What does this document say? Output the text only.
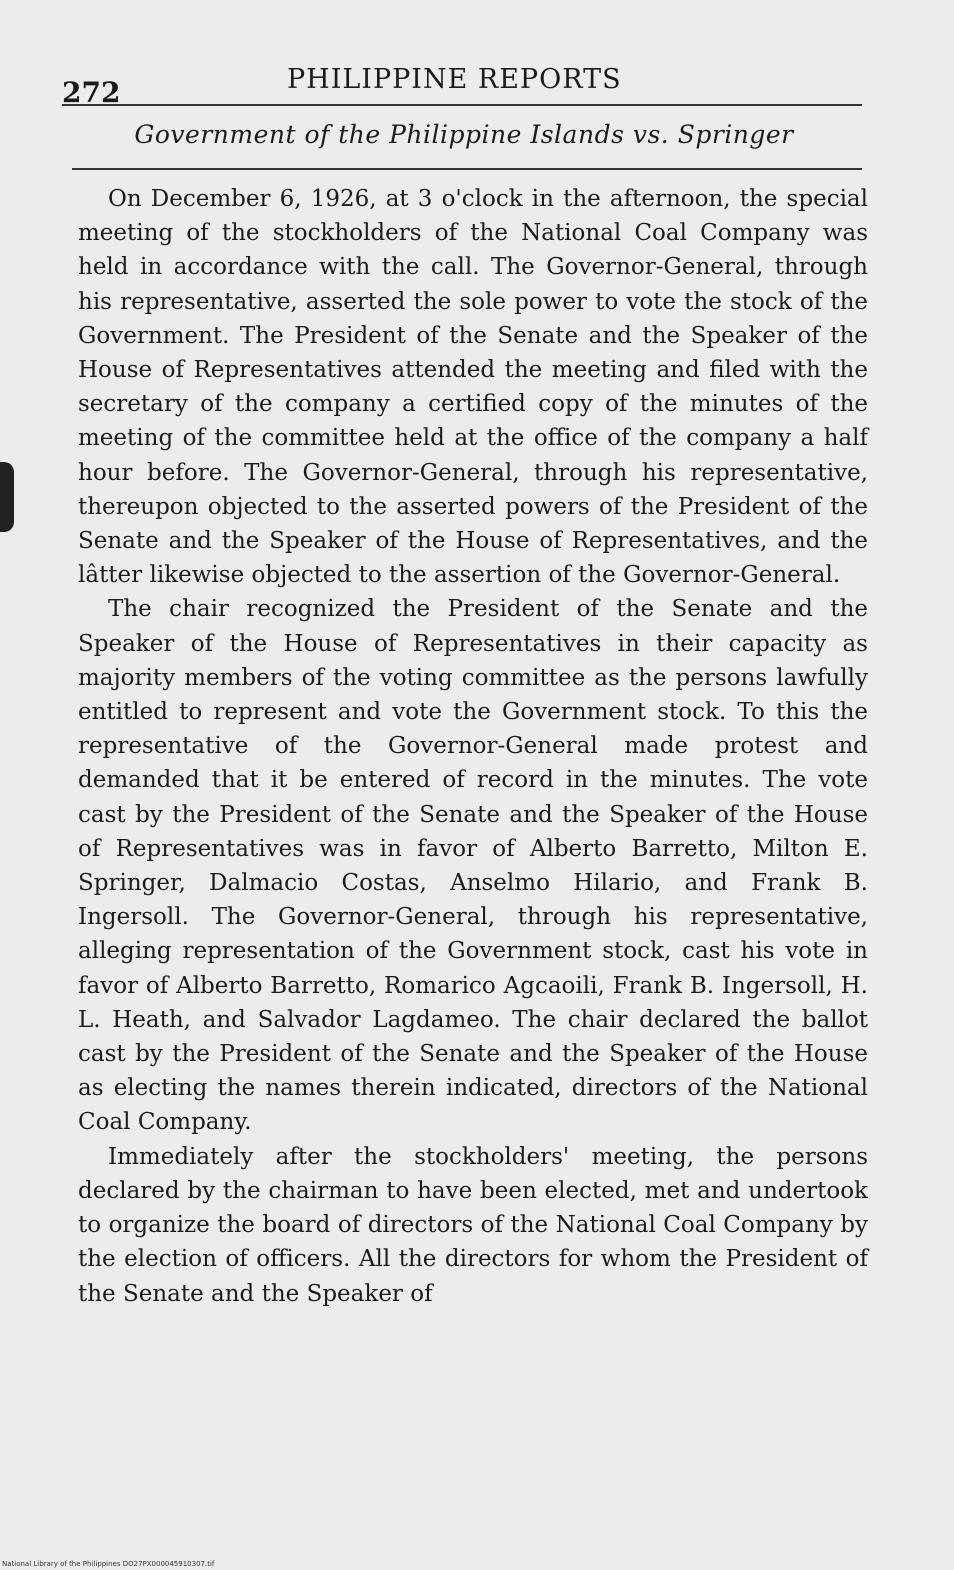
272	PHILIPPINE REPORTS
Government of the Philippine Islands vs. Springer

On December 6, 1926, at 3 o'clock in the afternoon, the special meeting of the stockholders of the National Coal Company was held in accordance with the call. The Governor-General, through his representative, asserted the sole power to vote the stock of the Government. The President of the Senate and the Speaker of the House of Representatives attended the meeting and filed with the secretary of the company a certified copy of the minutes of the meeting of the committee held at the office of the company a half hour before. The Governor-General, through his representative, thereupon objected to the asserted powers of the President of the Senate and the Speaker of the House of Representatives, and the lâtter likewise objected to the assertion of the Governor-General.

The chair recognized the President of the Senate and the Speaker of the House of Representatives in their capacity as majority members of the voting committee as the persons lawfully entitled to represent and vote the Government stock. To this the representative of the Governor-General made protest and demanded that it be entered of record in the minutes. The vote cast by the President of the Senate and the Speaker of the House of Representatives was in favor of Alberto Barretto, Milton E. Springer, Dalmacio Costas, Anselmo Hilario, and Frank B. Ingersoll. The Governor-General, through his representative, alleging representation of the Government stock, cast his vote in favor of Alberto Barretto, Romarico Agcaoili, Frank B. Ingersoll, H. L. Heath, and Salvador Lagdameo. The chair declared the ballot cast by the President of the Senate and the Speaker of the House as electing the names therein indicated, directors of the National Coal Company.

Immediately after the stockholders' meeting, the persons declared by the chairman to have been elected, met and undertook to organize the board of directors of the National Coal Company by the election of officers. All the directors for whom the President of the Senate and the Speaker of

National Library of the Philippines DO27PX000045910307.tif
